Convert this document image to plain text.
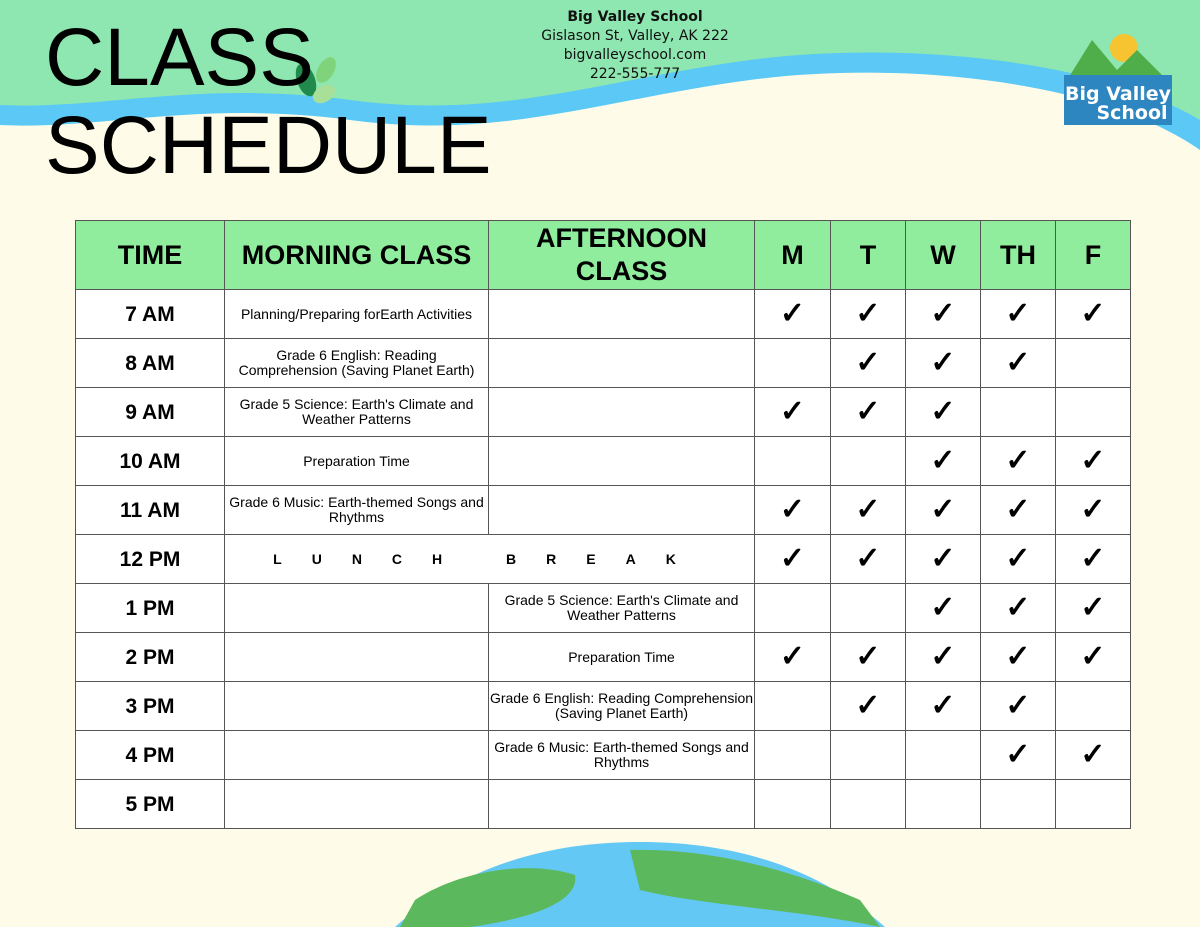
CLASS SCHEDULE
Big Valley School
Gislason St, Valley, AK 222
bigvalleyschool.com
222-555-777
Big Valley
School
TIME	MORNING CLASS	AFTERNOON CLASS	M	T	W	TH	F
7 AM	Planning/Preparing forEarth Activities		✓	✓	✓	✓	✓
8 AM	Grade 6 English: Reading Comprehension (Saving Planet Earth)			✓	✓	✓	
9 AM	Grade 5 Science: Earth's Climate and Weather Patterns		✓	✓	✓		
10 AM	Preparation Time				✓	✓	✓
11 AM	Grade 6 Music: Earth-themed Songs and Rhythms		✓	✓	✓	✓	✓
12 PM	LUNCH BREAK		✓	✓	✓	✓	✓
1 PM		Grade 5 Science: Earth's Climate and Weather Patterns			✓	✓	✓
2 PM		Preparation Time	✓	✓	✓	✓	✓
3 PM		Grade 6 English: Reading Comprehension (Saving Planet Earth)		✓	✓	✓	
4 PM		Grade 6 Music: Earth-themed Songs and Rhythms				✓	✓
5 PM							
